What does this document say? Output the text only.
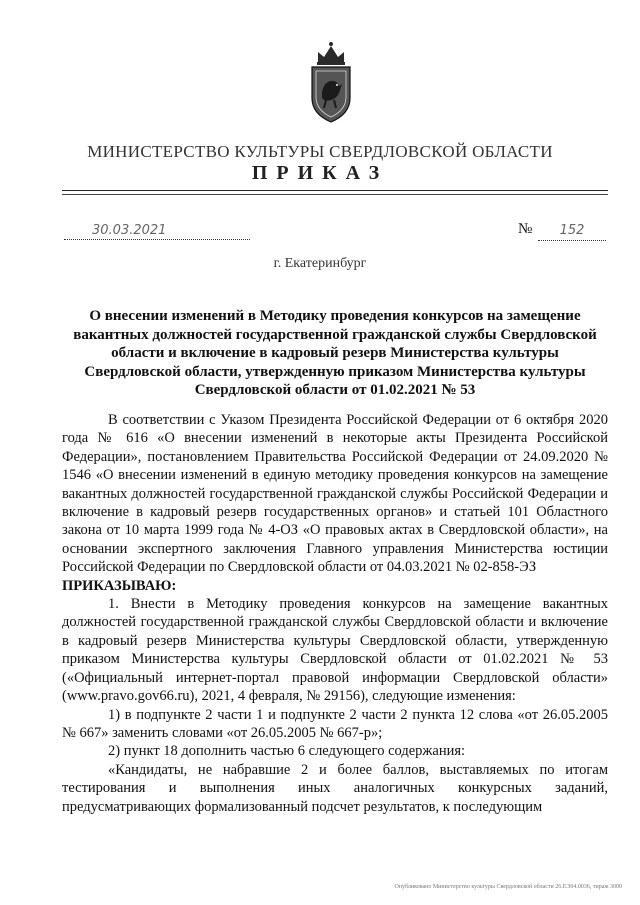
МИНИСТЕРСТВО КУЛЬТУРЫ СВЕРДЛОВСКОЙ ОБЛАСТИ
ПРИКАЗ
30.03.2021	№	152
г. Екатеринбург
О внесении изменений в Методику проведения конкурсов на замещение вакантных должностей государственной гражданской службы Свердловской области и включение в кадровый резерв Министерства культуры Свердловской области, утвержденную приказом Министерства культуры Свердловской области от 01.02.2021 № 53

В соответствии с Указом Президента Российской Федерации от 6 октября 2020 года № 616 «О внесении изменений в некоторые акты Президента Российской Федерации», постановлением Правительства Российской Федерации от 24.09.2020 № 1546 «О внесении изменений в единую методику проведения конкурсов на замещение вакантных должностей государственной гражданской службы Российской Федерации и включение в кадровый резерв государственных органов» и статьей 101 Областного закона от 10 марта 1999 года № 4-ОЗ «О правовых актах в Свердловской области», на основании экспертного заключения Главного управления Министерства юстиции Российской Федерации по Свердловской области от 04.03.2021 № 02-858-ЭЗ

ПРИКАЗЫВАЮ:

1. Внести в Методику проведения конкурсов на замещение вакантных должностей государственной гражданской службы Свердловской области и включение в кадровый резерв Министерства культуры Свердловской области, утвержденную приказом Министерства культуры Свердловской области от 01.02.2021 № 53 («Официальный интернет-портал правовой информации Свердловской области» (www.pravo.gov66.ru), 2021, 4 февраля, № 29156), следующие изменения:

1) в подпункте 2 части 1 и подпункте 2 части 2 пункта 12 слова «от 26.05.2005 № 667» заменить словами «от 26.05.2005 № 667-р»;

2) пункт 18 дополнить частью 6 следующего содержания:

«Кандидаты, не набравшие 2 и более баллов, выставляемых по итогам тестирования и выполнения иных аналогичных конкурсных заданий, предусматривающих формализованный подсчет результатов, к последующим

Опубликовано Министерство культуры Свердловской области 26.ЕЭ04.0036, тираж 3000
